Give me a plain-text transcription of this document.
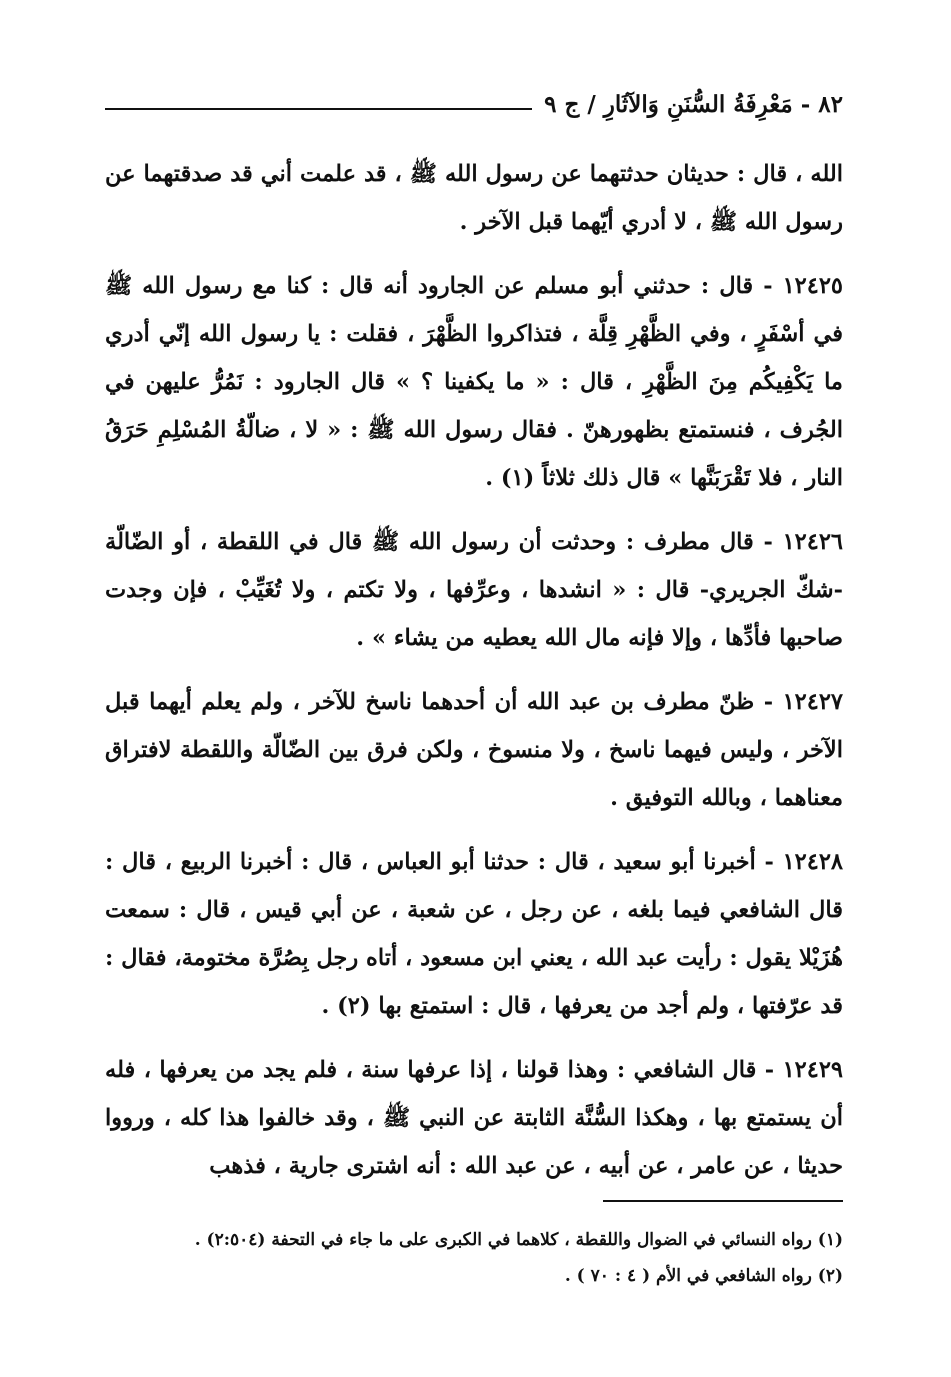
٨٢ - مَعْرِفَةُ السُّنَنِ وَالآثَارِ / ج ٩

الله ، قال : حديثان حدثتهما عن رسول الله ﷺ ، قد علمت أني قد صدقتهما عن رسول الله ﷺ ، لا أدري أيّهما قبل الآخر .

١٢٤٢٥ - قال : حدثني أبو مسلم عن الجارود أنه قال : كنا مع رسول الله ﷺ في أسْفَرٍ ، وفي الظَّهْرِ قِلَّة ، فتذاكروا الظَّهْرَ ، فقلت : يا رسول الله إنّي أدري ما يَكْفِيكُم مِنَ الظَّهْرِ ، قال : « ما يكفينا ؟ » قال الجارود : نَمُرُّ عليهن في الجُرف ، فنستمتع بظهورهنّ . فقال رسول الله ﷺ : « لا ، ضالّةُ المُسْلِمِ حَرَقُ النار ، فلا تَقْرَبَنَّها » قال ذلك ثلاثاً (١) .

١٢٤٢٦ - قال مطرف : وحدثت أن رسول الله ﷺ قال في اللقطة ، أو الضّالّة -شكّ الجريري- قال : « انشدها ، وعرِّفها ، ولا تكتم ، ولا تُغَيِّبْ ، فإن وجدت صاحبها فأدِّها ، وإلا فإنه مال الله يعطيه من يشاء » .

١٢٤٢٧ - ظنّ مطرف بن عبد الله أن أحدهما ناسخ للآخر ، ولم يعلم أيهما قبل الآخر ، وليس فيهما ناسخ ، ولا منسوخ ، ولكن فرق بين الضّالّة واللقطة لافتراق معناهما ، وبالله التوفيق .

١٢٤٢٨ - أخبرنا أبو سعيد ، قال : حدثنا أبو العباس ، قال : أخبرنا الربيع ، قال : قال الشافعي فيما بلغه ، عن رجل ، عن شعبة ، عن أبي قيس ، قال : سمعت هُزَيْلا يقول : رأيت عبد الله ، يعني ابن مسعود ، أتاه رجل بِصُرَّة مختومة، فقال : قد عرّفتها ، ولم أجد من يعرفها ، قال : استمتع بها (٢) .

١٢٤٢٩ - قال الشافعي : وهذا قولنا ، إذا عرفها سنة ، فلم يجد من يعرفها ، فله أن يستمتع بها ، وهكذا السُّنَّة الثابتة عن النبي ﷺ ، وقد خالفوا هذا كله ، ورووا حديثا ، عن عامر ، عن أبيه ، عن عبد الله : أنه اشترى جارية ، فذهب

(١) رواه النسائي في الضوال واللقطة ، كلاهما في الكبرى على ما جاء في التحفة (٢:٥٠٤) .

(٢) رواه الشافعي في الأم ( ٤ : ٧٠ ) .
